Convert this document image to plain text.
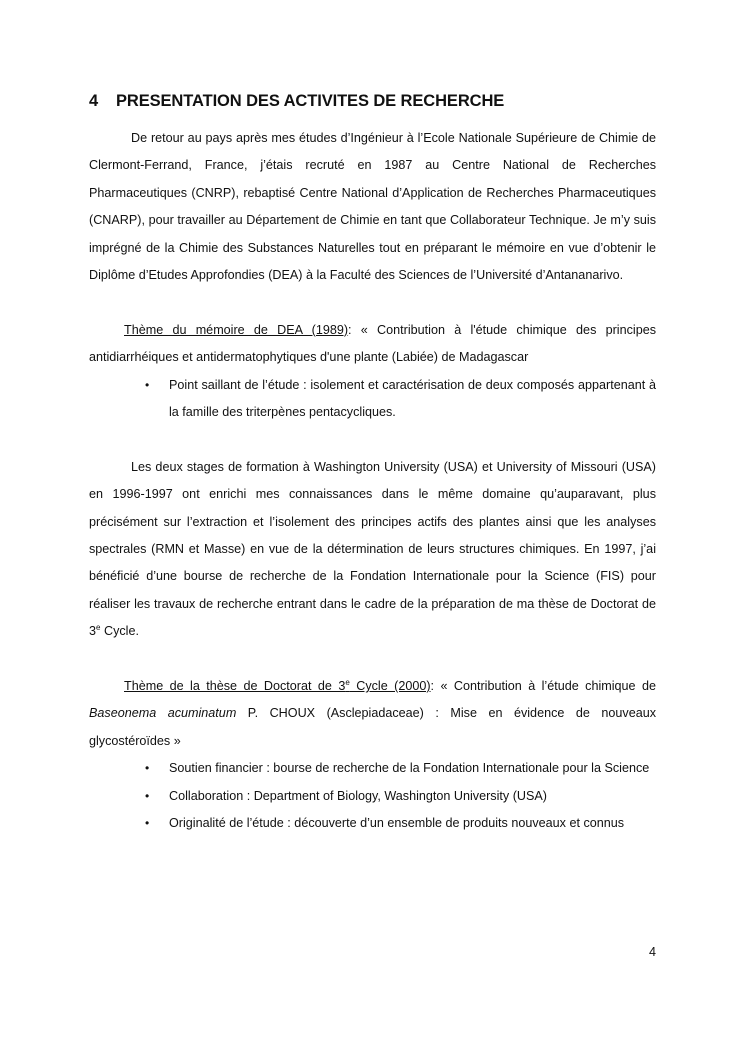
4 PRESENTATION DES ACTIVITES DE RECHERCHE

De retour au pays après mes études d’Ingénieur à l’Ecole Nationale Supérieure de Chimie de Clermont-Ferrand, France, j’étais recruté en 1987 au Centre National de Recherches Pharmaceutiques (CNRP), rebaptisé Centre National d’Application de Recherches Pharmaceutiques (CNARP), pour travailler au Département de Chimie en tant que Collaborateur Technique. Je m’y suis imprégné de la Chimie des Substances Naturelles tout en préparant le mémoire en vue d’obtenir le Diplôme d’Etudes Approfondies (DEA) à la Faculté des Sciences de l’Université d’Antananarivo.

Thème du mémoire de DEA (1989): « Contribution à l'étude chimique des principes antidiarrhéiques et antidermatophytiques d'une plante (Labiée) de Madagascar

• Point saillant de l’étude : isolement et caractérisation de deux composés appartenant à la famille des triterpènes pentacycliques.

Les deux stages de formation à Washington University (USA) et University of Missouri (USA) en 1996-1997 ont enrichi mes connaissances dans le même domaine qu’auparavant, plus précisément sur l’extraction et l’isolement des principes actifs des plantes ainsi que les analyses spectrales (RMN et Masse) en vue de la détermination de leurs structures chimiques. En 1997, j’ai bénéficié d’une bourse de recherche de la Fondation Internationale pour la Science (FIS) pour réaliser les travaux de recherche entrant dans le cadre de la préparation de ma thèse de Doctorat de 3e Cycle.

Thème de la thèse de Doctorat de 3e Cycle (2000): « Contribution à l’étude chimique de Baseonema acuminatum P. CHOUX (Asclepiadaceae) : Mise en évidence de nouveaux glycostéroïdes »

• Soutien financier : bourse de recherche de la Fondation Internationale pour la Science
• Collaboration : Department of Biology, Washington University (USA)
• Originalité de l’étude : découverte d’un ensemble de produits nouveaux et connus
4
